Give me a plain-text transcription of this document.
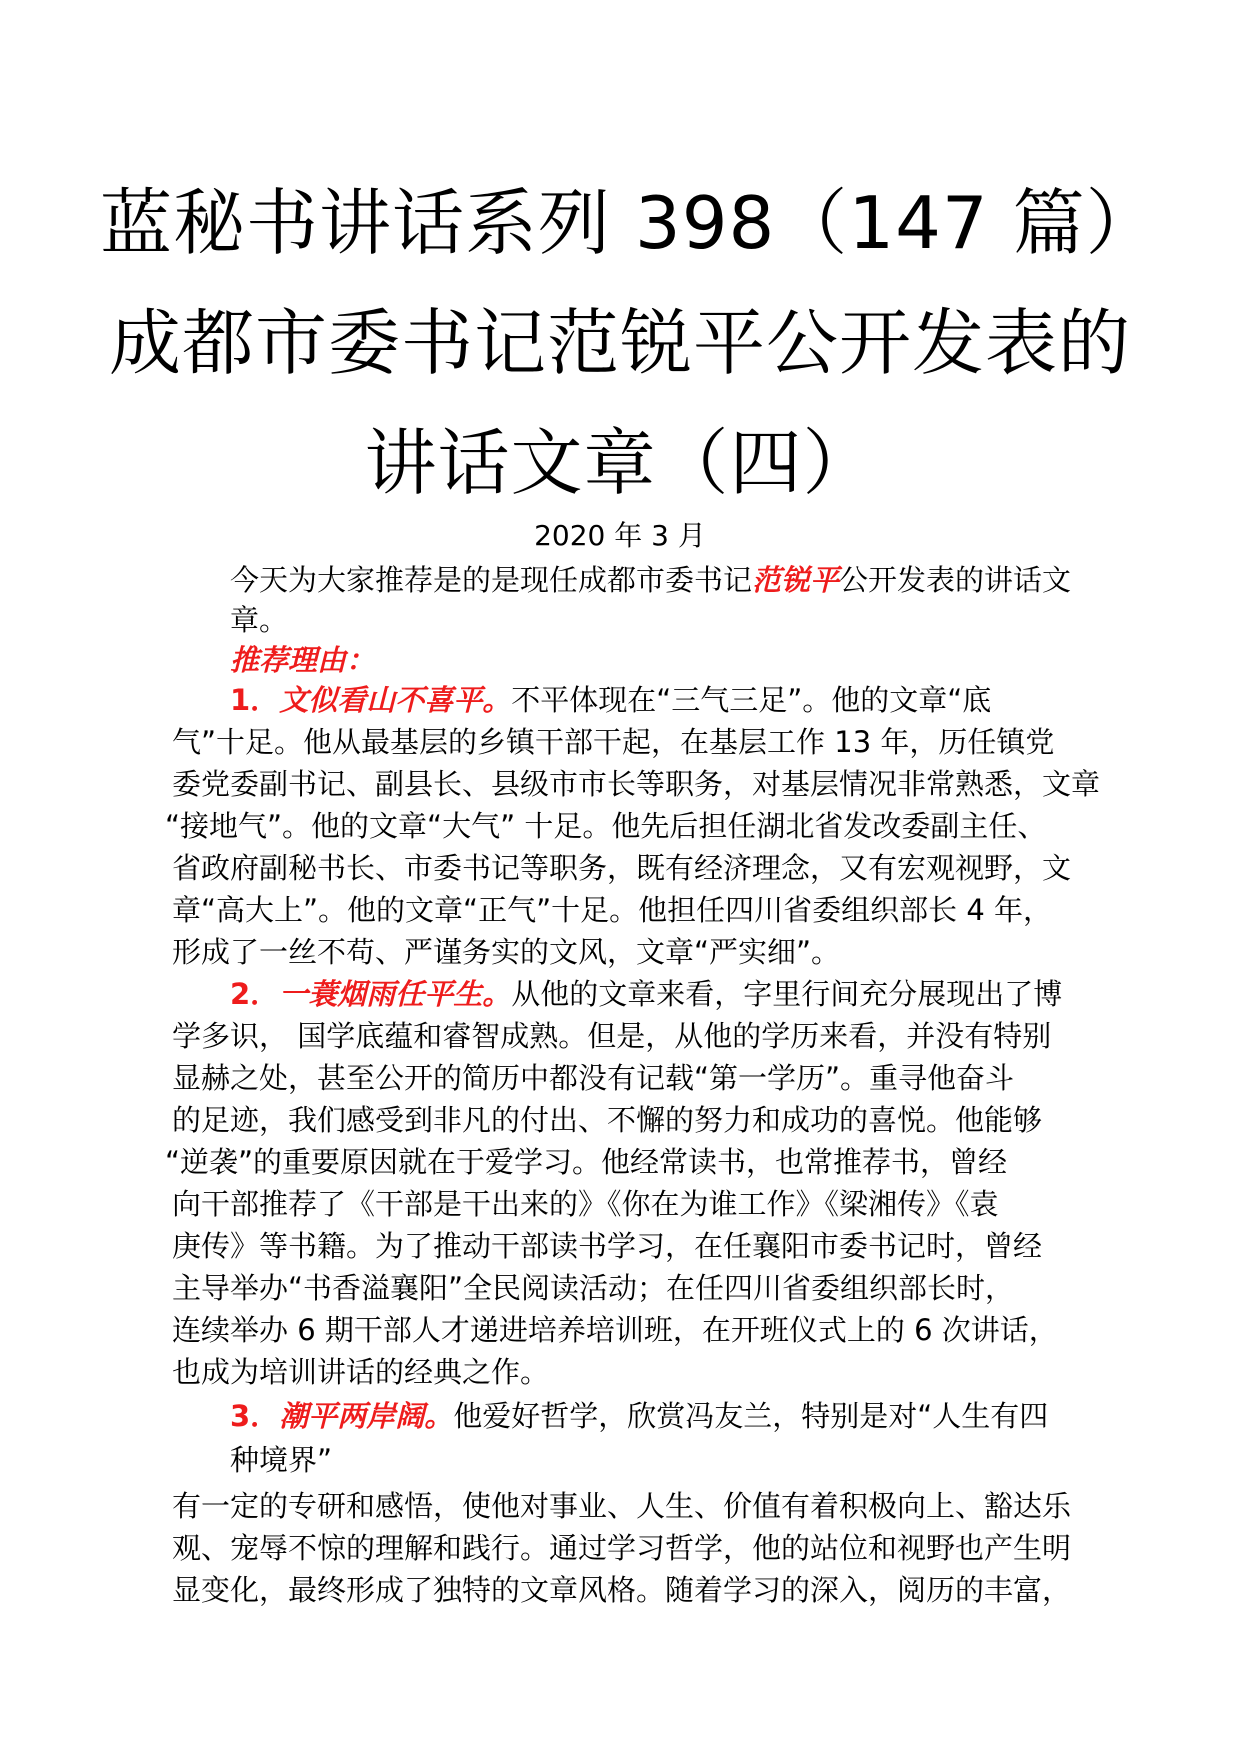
蓝秘书讲话系列 398（147 篇）
成都市委书记范锐平公开发表的
讲话文章（四）
2020 年 3 月
今天为大家推荐是的是现任成都市委书记范锐平公开发表的讲话文
章。
推荐理由：
1．文似看山不喜平。不平体现在“三气三足”。他的文章“底
气”十足。他从最基层的乡镇干部干起，在基层工作 13 年，历任镇党
委党委副书记、副县长、县级市市长等职务，对基层情况非常熟悉，文章
“接地气”。他的文章“大气” 十足。他先后担任湖北省发改委副主任、
省政府副秘书长、市委书记等职务，既有经济理念，又有宏观视野，文
章“高大上”。他的文章“正气”十足。他担任四川省委组织部长 4 年，
形成了一丝不苟、严谨务实的文风，文章“严实细”。
2．一蓑烟雨任平生。从他的文章来看，字里行间充分展现出了博
学多识， 国学底蕴和睿智成熟。但是，从他的学历来看，并没有特别
显赫之处，甚至公开的简历中都没有记载“第一学历”。重寻他奋斗
的足迹，我们感受到非凡的付出、不懈的努力和成功的喜悦。他能够
“逆袭”的重要原因就在于爱学习。他经常读书，也常推荐书，曾经
向干部推荐了《干部是干出来的》《你在为谁工作》《梁湘传》《袁
庚传》等书籍。为了推动干部读书学习，在任襄阳市委书记时，曾经
主导举办“书香溢襄阳”全民阅读活动；在任四川省委组织部长时，
连续举办 6 期干部人才递进培养培训班，在开班仪式上的 6 次讲话，
也成为培训讲话的经典之作。
3．潮平两岸阔。他爱好哲学，欣赏冯友兰，特别是对“人生有四
种境界”
有一定的专研和感悟，使他对事业、人生、价值有着积极向上、豁达乐
观、宠辱不惊的理解和践行。通过学习哲学，他的站位和视野也产生明
显变化，最终形成了独特的文章风格。随着学习的深入，阅历的丰富，
